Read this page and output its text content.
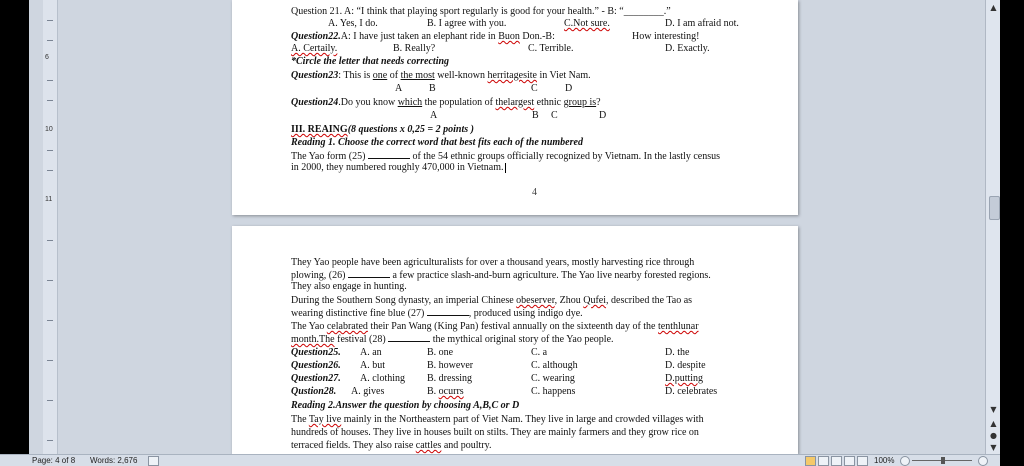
6
10
11
Question 21. A: “I think that playing sport regularly is good for your health.” - B: “________.”
A. Yes, I do.	B. I agree with you.	C.Not sure.	D. I am afraid not.
Question22.A: I have just taken an elephant ride in Buon Don.-B:	How interesting!
A. Certaily.	B. Really?	C. Terrible.	D. Exactly.
*Circle the letter that needs correcting
Question23: This is one of the most well-known herritagesite in Viet Nam.
A	B	C	D
Question24.Do you know which the population of thelargest ethnic group is?
A	B C	D
III. REAING(8 questions x 0,25 = 2 points )
Reading 1. Choose the correct word that best fits each of the numbered
The Yao form (25)	of the 54 ethnic groups officially recognized by Vietnam. In the lastly census
in 2000, they numbered roughly 470,000 in Vietnam.
4
They Yao people have been agriculturalists for over a thousand years, mostly harvesting rice through
plowing, (26)	a few practice slash-and-burn agriculture. The Yao live nearby forested regions.
They also engage in hunting.
During the Southern Song dynasty, an imperial Chinese obeserver, Zhou Qufei, described the Tao as
wearing distinctive fine blue (27)	, produced using indigo dye.
The Yao celabrated their Pan Wang (King Pan) festival annually on the sixteenth day of the tenthlunar
month.The festival (28)	the mythical original story of the Yao people.
Question25. A. an	B. one	C. a	D. the
Question26. A. but	B. however	C. although	D. despite
Question27. A. clothing B. dressing	C. wearing	D.putting
Qustion28. A. gives	B. ocurrs	C. happens	D. celebrates
Reading 2.Answer the question by choosing A,B,C or D
The Tay live mainly in the Northeastern part of Viet Nam. They live in large and crowded villages with
hundreds of houses. They live in houses built on stilts. They are mainly farmers and they grow rice on
terraced fields. They also raise cattles and poultry.
▲
▼
▲
●
▼
Page: 4 of 8 Words: 2,676	100%
